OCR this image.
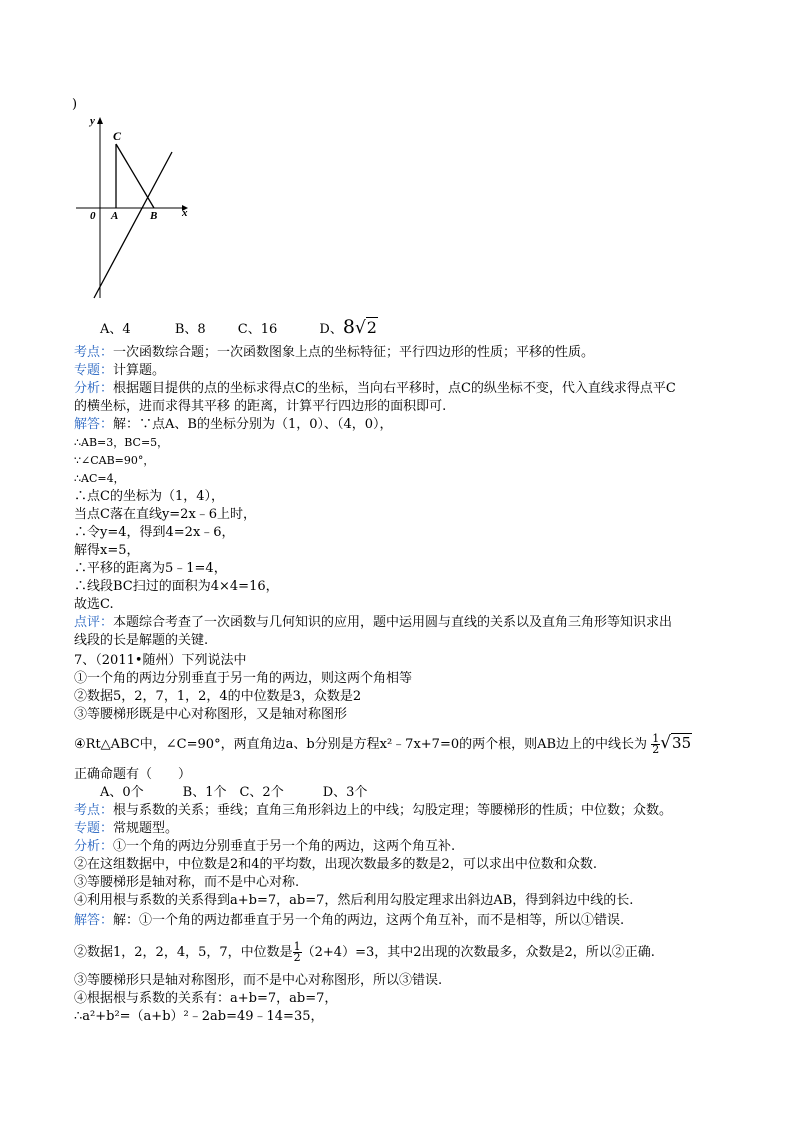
)
y
x
0 A	B
C
A、4	B、8 C、16	D、8√2
考点：一次函数综合题；一次函数图象上点的坐标特征；平行四边形的性质；平移的性质。
专题：计算题。
分析：根据题目提供的点的坐标求得点C的坐标，当向右平移时，点C的纵坐标不变，代入直线求得点平C
的横坐标，进而求得其平移 的距离，计算平行四边形的面积即可.
解答：解：∵点A、B的坐标分别为（1，0）、（4，0），
∴AB=3，BC=5，
∵∠CAB=90°，
∴AC=4，
∴点C的坐标为（1，4），
当点C落在直线y=2x﹣6上时，
∴令y=4，得到4=2x﹣6，
解得x=5，
∴平移的距离为5﹣1=4，
∴线段BC扫过的面积为4×4=16，
故选C.
点评：本题综合考查了一次函数与几何知识的应用，题中运用圆与直线的关系以及直角三角形等知识求出
线段的长是解题的关键.
7、（2011•随州）下列说法中
①一个角的两边分别垂直于另一角的两边，则这两个角相等
②数据5，2，7，1，2，4的中位数是3，众数是2
③等腰梯形既是中心对称图形，又是轴对称图形
④Rt△ABC中，∠C=90°，两直角边a、b分别是方程x²﹣7x+7=0的两个根，则AB边上的中线长为 $\frac{1}{2} √35$
正确命题有（　　）
A、0个　　　B、1个　C、2个　　　D、3个
考点：根与系数的关系；垂线；直角三角形斜边上的中线；勾股定理；等腰梯形的性质；中位数；众数。
专题：常规题型。
分析：①一个角的两边分别垂直于另一个角的两边，这两个角互补.
②在这组数据中，中位数是2和4的平均数，出现次数最多的数是2，可以求出中位数和众数.
③等腰梯形是轴对称，而不是中心对称.
④利用根与系数的关系得到a+b=7，ab=7，然后利用勾股定理求出斜边AB，得到斜边中线的长.
解答：解：①一个角的两边都垂直于另一个角的两边，这两个角互补，而不是相等，所以①错误.
②数据1，2，2，4，5，7，中位数是 $\frac{1}{2} (2+4)=3$，其中2出现的次数最多，众数是2，所以②正确.
③等腰梯形只是轴对称图形，而不是中心对称图形，所以③错误.
④根据根与系数的关系有：a+b=7，ab=7，
∴a²+b²=（a+b）²﹣2ab=49﹣14=35，
